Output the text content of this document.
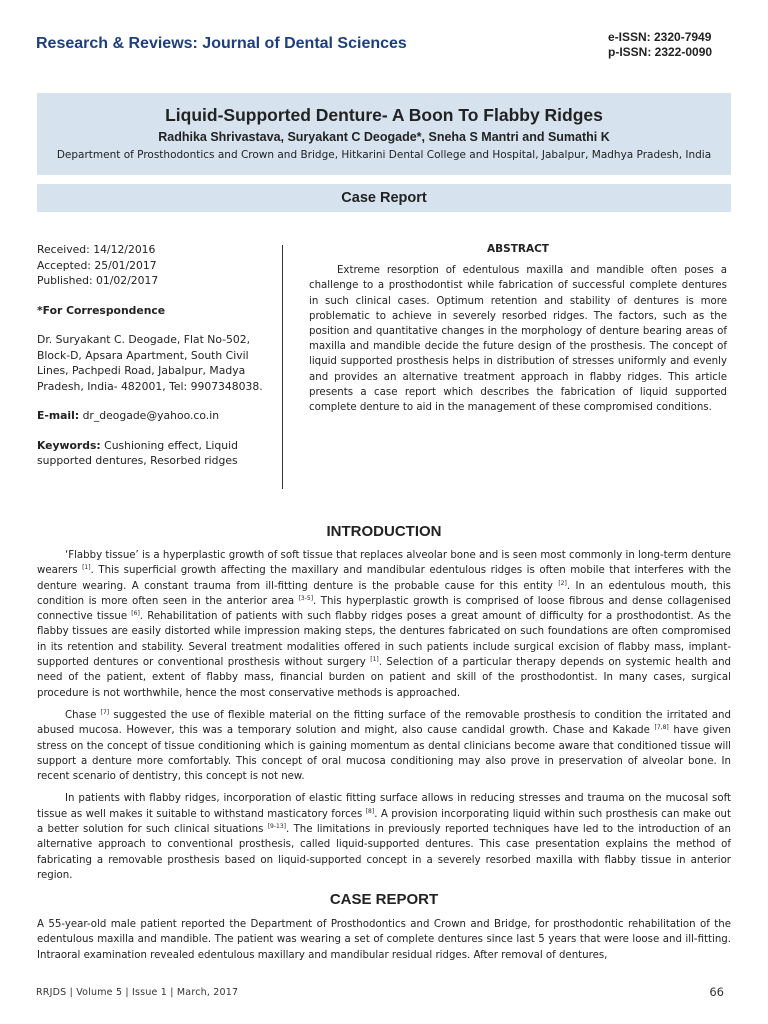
Research & Reviews: Journal of Dental Sciences	e-ISSN: 2320-7949
p-ISSN: 2322-0090
Liquid-Supported Denture- A Boon To Flabby Ridges
Radhika Shrivastava, Suryakant C Deogade*, Sneha S Mantri and Sumathi K
Department of Prosthodontics and Crown and Bridge, Hitkarini Dental College and Hospital, Jabalpur, Madhya Pradesh, India
Case Report

Received: 14/12/2016

Accepted: 25/01/2017

Published: 01/02/2017

*For Correspondence

Dr. Suryakant C. Deogade, Flat No-502, Block-D, Apsara Apartment, South Civil Lines, Pachpedi Road, Jabalpur, Madya Pradesh, India- 482001, Tel: 9907348038.

E-mail: dr_deogade@yahoo.co.in

Keywords: Cushioning effect, Liquid supported dentures, Resorbed ridges

ABSTRACT

Extreme resorption of edentulous maxilla and mandible often poses a challenge to a prosthodontist while fabrication of successful complete dentures in such clinical cases. Optimum retention and stability of dentures is more problematic to achieve in severely resorbed ridges. The factors, such as the position and quantitative changes in the morphology of denture bearing areas of maxilla and mandible decide the future design of the prosthesis. The concept of liquid supported prosthesis helps in distribution of stresses uniformly and evenly and provides an alternative treatment approach in flabby ridges. This article presents a case report which describes the fabrication of liquid supported complete denture to aid in the management of these compromised conditions.

INTRODUCTION

‘Flabby tissue’ is a hyperplastic growth of soft tissue that replaces alveolar bone and is seen most commonly in long-term denture wearers [1]. This superficial growth affecting the maxillary and mandibular edentulous ridges is often mobile that interferes with the denture wearing. A constant trauma from ill-fitting denture is the probable cause for this entity [2]. In an edentulous mouth, this condition is more often seen in the anterior area [3-5]. This hyperplastic growth is comprised of loose fibrous and dense collagenised connective tissue [6]. Rehabilitation of patients with such flabby ridges poses a great amount of difficulty for a prosthodontist. As the flabby tissues are easily distorted while impression making steps, the dentures fabricated on such foundations are often compromised in its retention and stability. Several treatment modalities offered in such patients include surgical excision of flabby mass, implant-supported dentures or conventional prosthesis without surgery [1]. Selection of a particular therapy depends on systemic health and need of the patient, extent of flabby mass, financial burden on patient and skill of the prosthodontist. In many cases, surgical procedure is not worthwhile, hence the most conservative methods is approached.

Chase [7] suggested the use of flexible material on the fitting surface of the removable prosthesis to condition the irritated and abused mucosa. However, this was a temporary solution and might, also cause candidal growth. Chase and Kakade [7,8] have given stress on the concept of tissue conditioning which is gaining momentum as dental clinicians become aware that conditioned tissue will support a denture more comfortably. This concept of oral mucosa conditioning may also prove in preservation of alveolar bone. In recent scenario of dentistry, this concept is not new.

In patients with flabby ridges, incorporation of elastic fitting surface allows in reducing stresses and trauma on the mucosal soft tissue as well makes it suitable to withstand masticatory forces [8]. A provision incorporating liquid within such prosthesis can make out a better solution for such clinical situations [9-13]. The limitations in previously reported techniques have led to the introduction of an alternative approach to conventional prosthesis, called liquid-supported dentures. This case presentation explains the method of fabricating a removable prosthesis based on liquid-supported concept in a severely resorbed maxilla with flabby tissue in anterior region.

CASE REPORT

A 55-year-old male patient reported the Department of Prosthodontics and Crown and Bridge, for prosthodontic rehabilitation of the edentulous maxilla and mandible. The patient was wearing a set of complete dentures since last 5 years that were loose and ill-fitting. Intraoral examination revealed edentulous maxillary and mandibular residual ridges. After removal of dentures,

RRJDS | Volume 5 | Issue 1 | March, 2017	66
